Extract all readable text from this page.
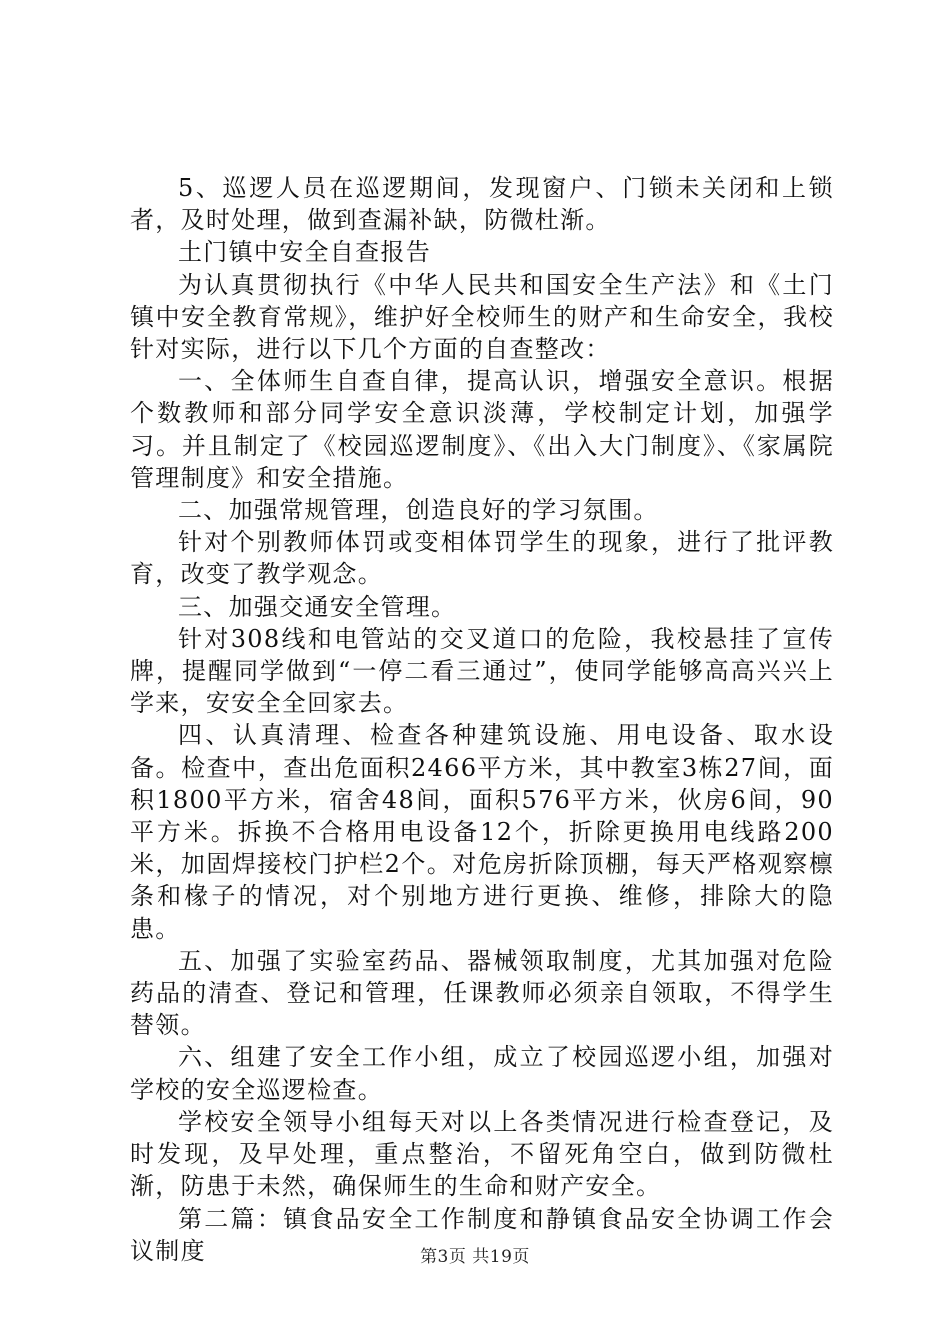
5、巡逻人员在巡逻期间，发现窗户、门锁未关闭和上锁者，及时处理，做到查漏补缺，防微杜渐。

土门镇中安全自查报告

为认真贯彻执行《中华人民共和国安全生产法》和《土门镇中安全教育常规》，维护好全校师生的财产和生命安全，我校针对实际，进行以下几个方面的自查整改：

一、全体师生自查自律，提高认识，增强安全意识。根据个数教师和部分同学安全意识淡薄，学校制定计划，加强学习。并且制定了《校园巡逻制度》、《出入大门制度》、《家属院管理制度》和安全措施。

二、加强常规管理，创造良好的学习氛围。

针对个别教师体罚或变相体罚学生的现象，进行了批评教育，改变了教学观念。

三、加强交通安全管理。

针对308线和电管站的交叉道口的危险，我校悬挂了宣传牌，提醒同学做到“一停二看三通过”，使同学能够高高兴兴上学来，安安全全回家去。

四、认真清理、检查各种建筑设施、用电设备、取水设备。检查中，查出危面积2466平方米，其中教室3栋27间，面积1800平方米，宿舍48间，面积576平方米，伙房6间，90平方米。拆换不合格用电设备12个，折除更换用电线路200米，加固焊接校门护栏2个。对危房折除顶棚，每天严格观察檩条和椽子的情况，对个别地方进行更换、维修，排除大的隐患。

五、加强了实验室药品、器械领取制度，尤其加强对危险药品的清查、登记和管理，任课教师必须亲自领取，不得学生替领。

六、组建了安全工作小组，成立了校园巡逻小组，加强对学校的安全巡逻检查。

学校安全领导小组每天对以上各类情况进行检查登记，及时发现，及早处理，重点整治，不留死角空白，做到防微杜渐，防患于未然，确保师生的生命和财产安全。

第二篇：镇食品安全工作制度和静镇食品安全协调工作会议制度	第3页 共19页
